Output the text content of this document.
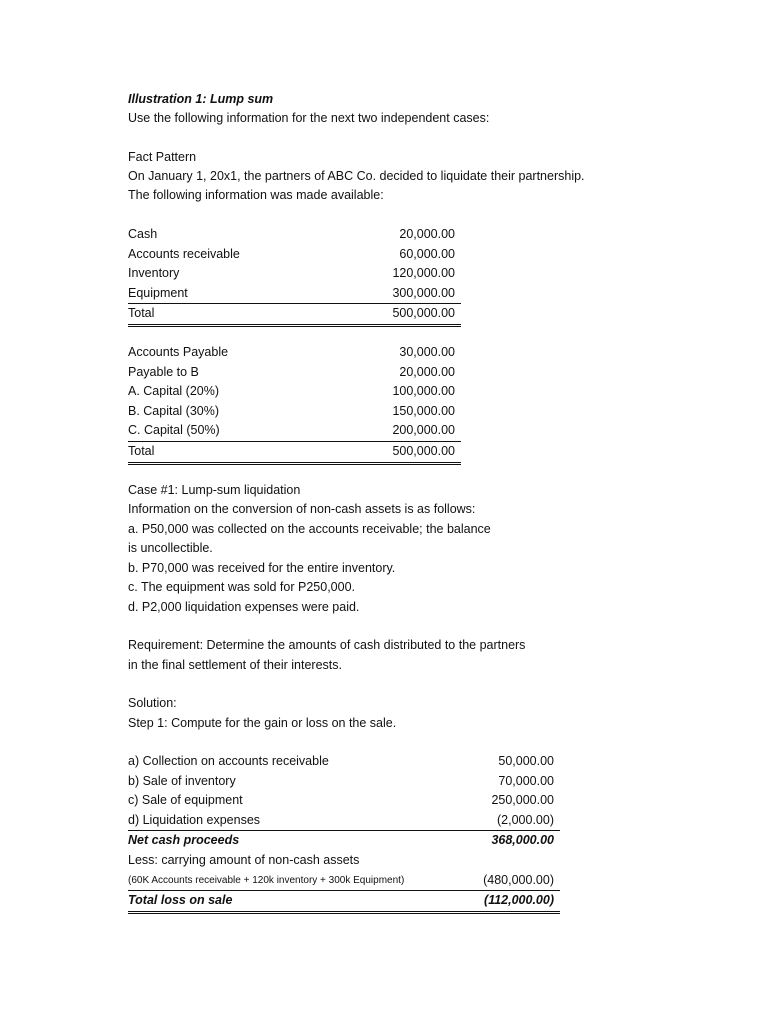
Illustration 1: Lump sum
Use the following information for the next two independent cases:
Fact Pattern
On January 1, 20x1, the partners of ABC Co. decided to liquidate their partnership.
The following information was made available:
Cash	20,000.00
Accounts receivable	60,000.00
Inventory	120,000.00
Equipment	300,000.00
Total	500,000.00
Accounts Payable	30,000.00
Payable to B	20,000.00
A. Capital (20%)	100,000.00
B. Capital (30%)	150,000.00
C. Capital (50%)	200,000.00
Total	500,000.00
Case #1: Lump-sum liquidation
Information on the conversion of non-cash assets is as follows:
a. P50,000 was collected on the accounts receivable; the balance
is uncollectible.
b. P70,000 was received for the entire inventory.
c. The equipment was sold for P250,000.
d. P2,000 liquidation expenses were paid.
Requirement: Determine the amounts of cash distributed to the partners
in the final settlement of their interests.
Solution:
Step 1: Compute for the gain or loss on the sale.
a) Collection on accounts receivable	50,000.00
b) Sale of inventory	70,000.00
c) Sale of equipment	250,000.00
d) Liquidation expenses	(2,000.00)
Net cash proceeds	368,000.00
Less: carrying amount of non-cash assets
(60K Accounts receivable + 120k inventory + 300k Equipment)	(480,000.00)
Total loss on sale	(112,000.00)
